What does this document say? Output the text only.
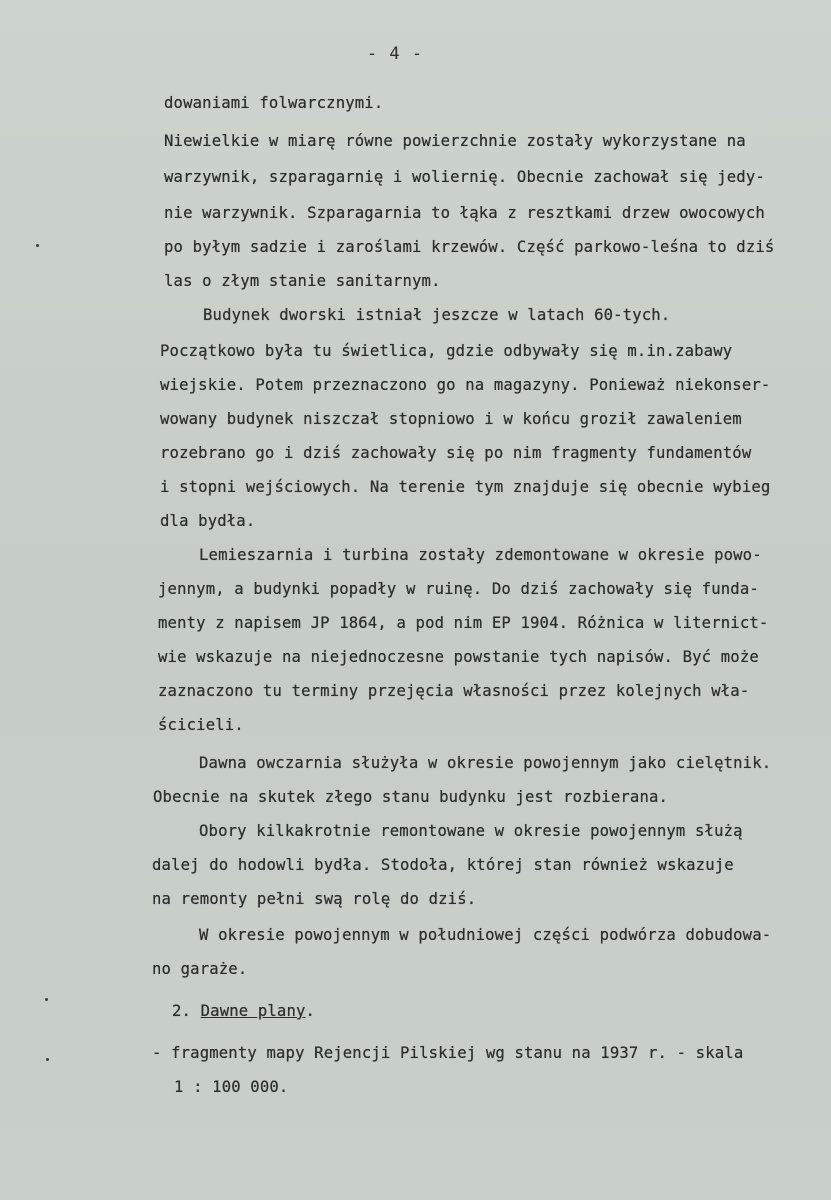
- 4 -
dowaniami folwarcznymi.
Niewielkie w miarę równe powierzchnie zostały wykorzystane na
warzywnik, szparagarnię i woliernię. Obecnie zachował się jedy-
nie warzywnik. Szparagarnia to łąka z resztkami drzew owocowych
po byłym sadzie i zaroślami krzewów. Część parkowo-leśna to dziś
las o złym stanie sanitarnym.
Budynek dworski istniał jeszcze w latach 60-tych.
Początkowo była tu świetlica, gdzie odbywały się m.in.zabawy
wiejskie. Potem przeznaczono go na magazyny. Ponieważ niekonser-
wowany budynek niszczał stopniowo i w końcu groził zawaleniem
rozebrano go i dziś zachowały się po nim fragmenty fundamentów
i stopni wejściowych. Na terenie tym znajduje się obecnie wybieg
dla bydła.
Lemieszarnia i turbina zostały zdemontowane w okresie powo-
jennym, a budynki popadły w ruinę. Do dziś zachowały się funda-
menty z napisem JP 1864, a pod nim EP 1904. Różnica w liternict-
wie wskazuje na niejednoczesne powstanie tych napisów. Być może
zaznaczono tu terminy przejęcia własności przez kolejnych wła-
ścicieli.
Dawna owczarnia służyła w okresie powojennym jako cielętnik.
Obecnie na skutek złego stanu budynku jest rozbierana.
Obory kilkakrotnie remontowane w okresie powojennym służą
dalej do hodowli bydła. Stodoła, której stan również wskazuje
na remonty pełni swą rolę do dziś.
W okresie powojennym w południowej części podwórza dobudowa-
no garaże.
2. Dawne plany.
- fragmenty mapy Rejencji Pilskiej wg stanu na 1937 r. - skala
1 : 100 000.
